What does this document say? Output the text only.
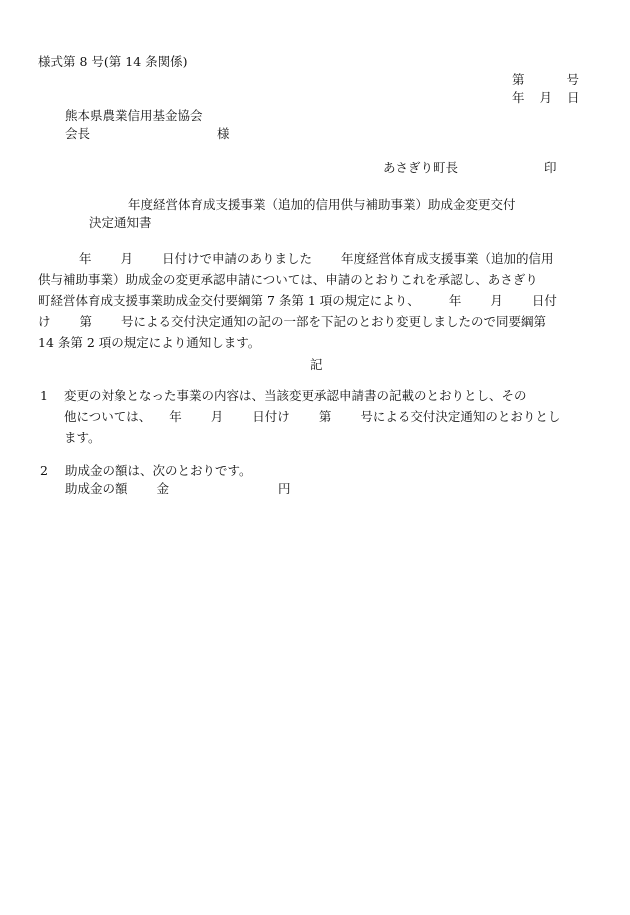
様式第 8 号(第 14 条関係)
第	号
年 月 日
熊本県農業信用基金協会
会長	様
あさぎり町長	印
年度経営体育成支援事業（追加的信用供与補助事業）助成金変更交付
決定通知書
年 月 日付けで申請のありました 年度経営体育成支援事業（追加的信用
供与補助事業）助成金の変更承認申請については、申請のとおりこれを承認し、あさぎり
町経営体育成支援事業助成金交付要綱第 7 条第 1 項の規定により、 年 月 日付
け 第 号による交付決定通知の記の一部を下記のとおり変更しましたので同要綱第
14 条第 2 項の規定により通知します。
記
1 変更の対象となった事業の内容は、当該変更承認申請書の記載のとおりとし、その
他については、 年 月 日付け 第 号による交付決定通知のとおりとし
ます。
2 助成金の額は、次のとおりです。
助成金の額 金	円
